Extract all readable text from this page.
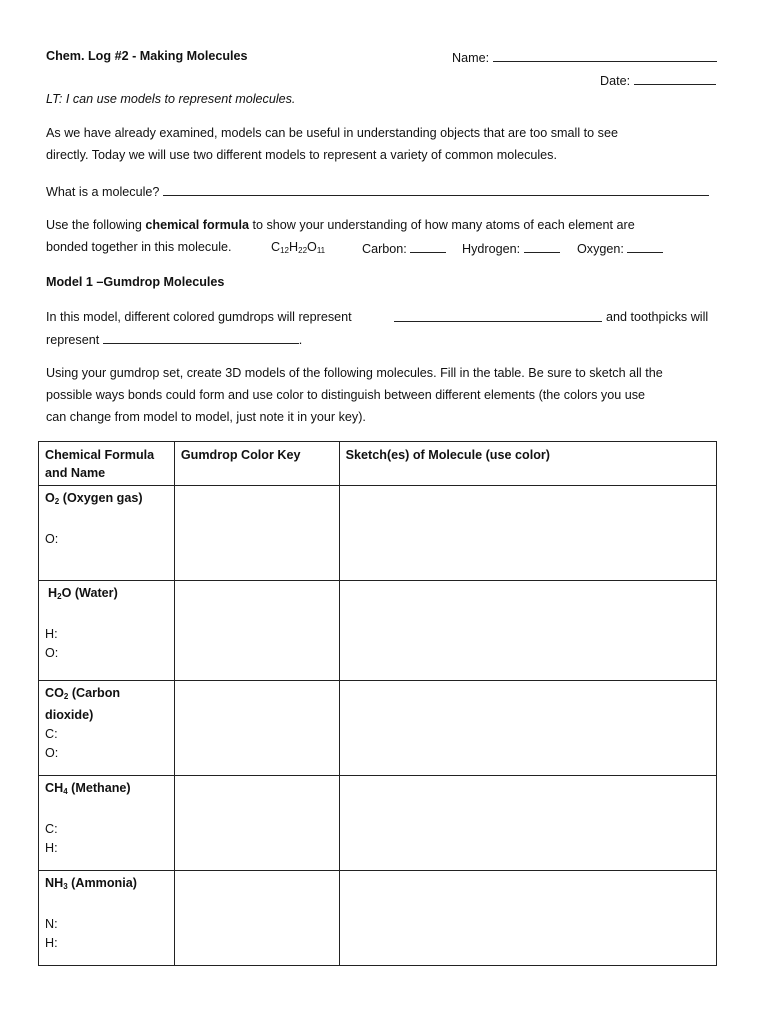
Chem. Log #2 - Making Molecules	Name:
Date:
LT: I can use models to represent molecules.
As we have already examined, models can be useful in understanding objects that are too small to see
directly. Today we will use two different models to represent a variety of common molecules.
What is a molecule?
Use the following chemical formula to show your understanding of how many atoms of each element are
bonded together in this molecule.	$C_{12}H_{22}O_{11}$	Carbon:	Hydrogen:	Oxygen:
Model 1 –Gumdrop Molecules
In this model, different colored gumdrops will represent	and toothpicks will
represent	.
Using your gumdrop set, create 3D models of the following molecules. Fill in the table. Be sure to sketch all the
possible ways bonds could form and use color to distinguish between different elements (the colors you use
can change from model to model, just note it in your key).
Chemical Formula
and Name	Gumdrop Color Key	Sketch(es) of Molecule (use color)

$O_2$ (Oxygen gas)
O:		

$H_2O$ (Water)
H:
O:		

$CO_2$ (Carbon
dioxide)
C:
O:		

$CH_4$ (Methane)
C:
H:		

$NH_3$ (Ammonia)
N:
H:		
